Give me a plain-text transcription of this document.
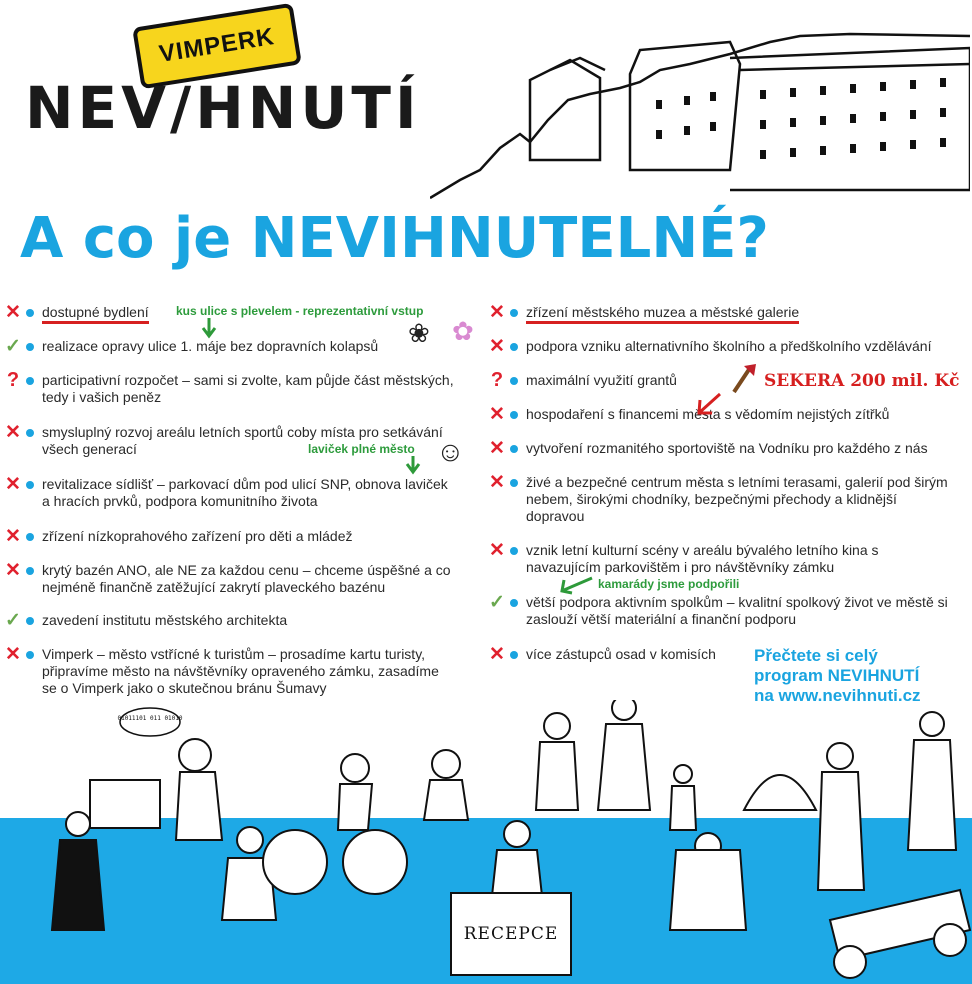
VIMPERK
NEV/HNUTÍ
A co je NEVIHNUTELNÉ?
✕ dostupné bydlení
✓ realizace opravy ulice 1. máje bez dopravních kolapsů
? participativní rozpočet – sami si zvolte, kam půjde část městských, tedy i vašich peněz
✕ smysluplný rozvoj areálu letních sportů coby místa pro setkávání všech generací
✕ revitalizace sídlišť – parkovací dům pod ulicí SNP, obnova laviček a hracích prvků, podpora komunitního života
✕ zřízení nízkoprahového zařízení pro děti a mládež
✕ krytý bazén ANO, ale NE za každou cenu – chceme úspěšné a co nejméně finančně zatěžující zakrytí plaveckého bazénu
✓ zavedení institutu městského architekta
✕ Vimperk – město vstřícné k turistům – prosadíme kartu turisty, připravíme město na návštěvníky opraveného zámku, zasadíme se o Vimperk jako o skutečnou bránu Šumavy
✕ zřízení městského muzea a městské galerie
✕ podpora vzniku alternativního školního a předškolního vzdělávání
? maximální využití grantů
✕ hospodaření s financemi města s vědomím nejistých zítřků
✕ vytvoření rozmanitého sportoviště na Vodníku pro každého z nás
✕ živé a bezpečné centrum města s letními terasami, galerií pod širým nebem, širokými chodníky, bezpečnými přechody a klidnější dopravou
✕ vznik letní kulturní scény v areálu bývalého letního kina s navazujícím parkovištěm i pro návštěvníky zámku
✓ větší podpora aktivním spolkům – kvalitní spolkový život ve městě si zaslouží větší materiální a finanční podporu
✕ více zástupců osad v komisích
kus ulice s plevelem - reprezentativní vstup
laviček plné město
kamarády jsme podpořili
SEKERA 200 mil. Kč
❀ ✿
☺
Přečtete si celý
program NEVIHNUTÍ
na www.nevihnuti.cz
01011101 011 01010
RECEPCE
